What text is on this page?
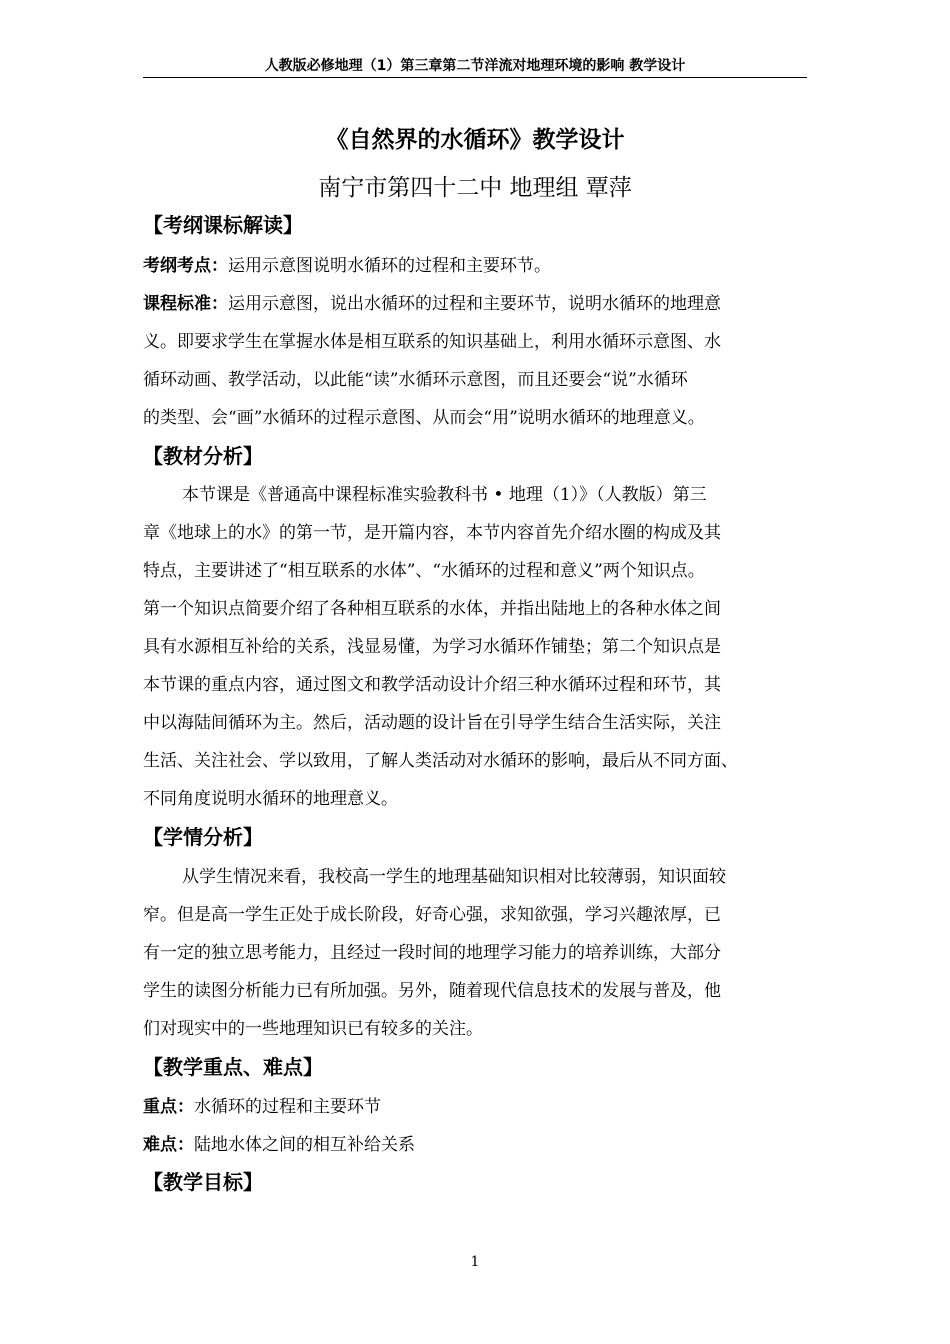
人教版必修地理（1）第三章第二节洋流对地理环境的影响 教学设计
《自然界的水循环》教学设计
南宁市第四十二中 地理组 覃萍
【考纲课标解读】
考纲考点：运用示意图说明水循环的过程和主要环节。
课程标准：运用示意图，说出水循环的过程和主要环节，说明水循环的地理意
义。即要求学生在掌握水体是相互联系的知识基础上，利用水循环示意图、水
循环动画、教学活动，以此能“读”水循环示意图，而且还要会“说”水循环
的类型、会“画”水循环的过程示意图、从而会“用”说明水循环的地理意义。
【教材分析】
本节课是《普通高中课程标准实验教科书 • 地理（1）》（人教版）第三
章《地球上的水》的第一节，是开篇内容，本节内容首先介绍水圈的构成及其
特点，主要讲述了“相互联系的水体”、“水循环的过程和意义”两个知识点。
第一个知识点简要介绍了各种相互联系的水体，并指出陆地上的各种水体之间
具有水源相互补给的关系，浅显易懂，为学习水循环作铺垫；第二个知识点是
本节课的重点内容，通过图文和教学活动设计介绍三种水循环过程和环节，其
中以海陆间循环为主。然后，活动题的设计旨在引导学生结合生活实际，关注
生活、关注社会、学以致用，了解人类活动对水循环的影响，最后从不同方面、
不同角度说明水循环的地理意义。
【学情分析】
从学生情况来看，我校高一学生的地理基础知识相对比较薄弱，知识面较
窄。但是高一学生正处于成长阶段，好奇心强，求知欲强，学习兴趣浓厚，已
有一定的独立思考能力，且经过一段时间的地理学习能力的培养训练，大部分
学生的读图分析能力已有所加强。另外，随着现代信息技术的发展与普及，他
们对现实中的一些地理知识已有较多的关注。
【教学重点、难点】
重点：水循环的过程和主要环节
难点：陆地水体之间的相互补给关系
【教学目标】
1
